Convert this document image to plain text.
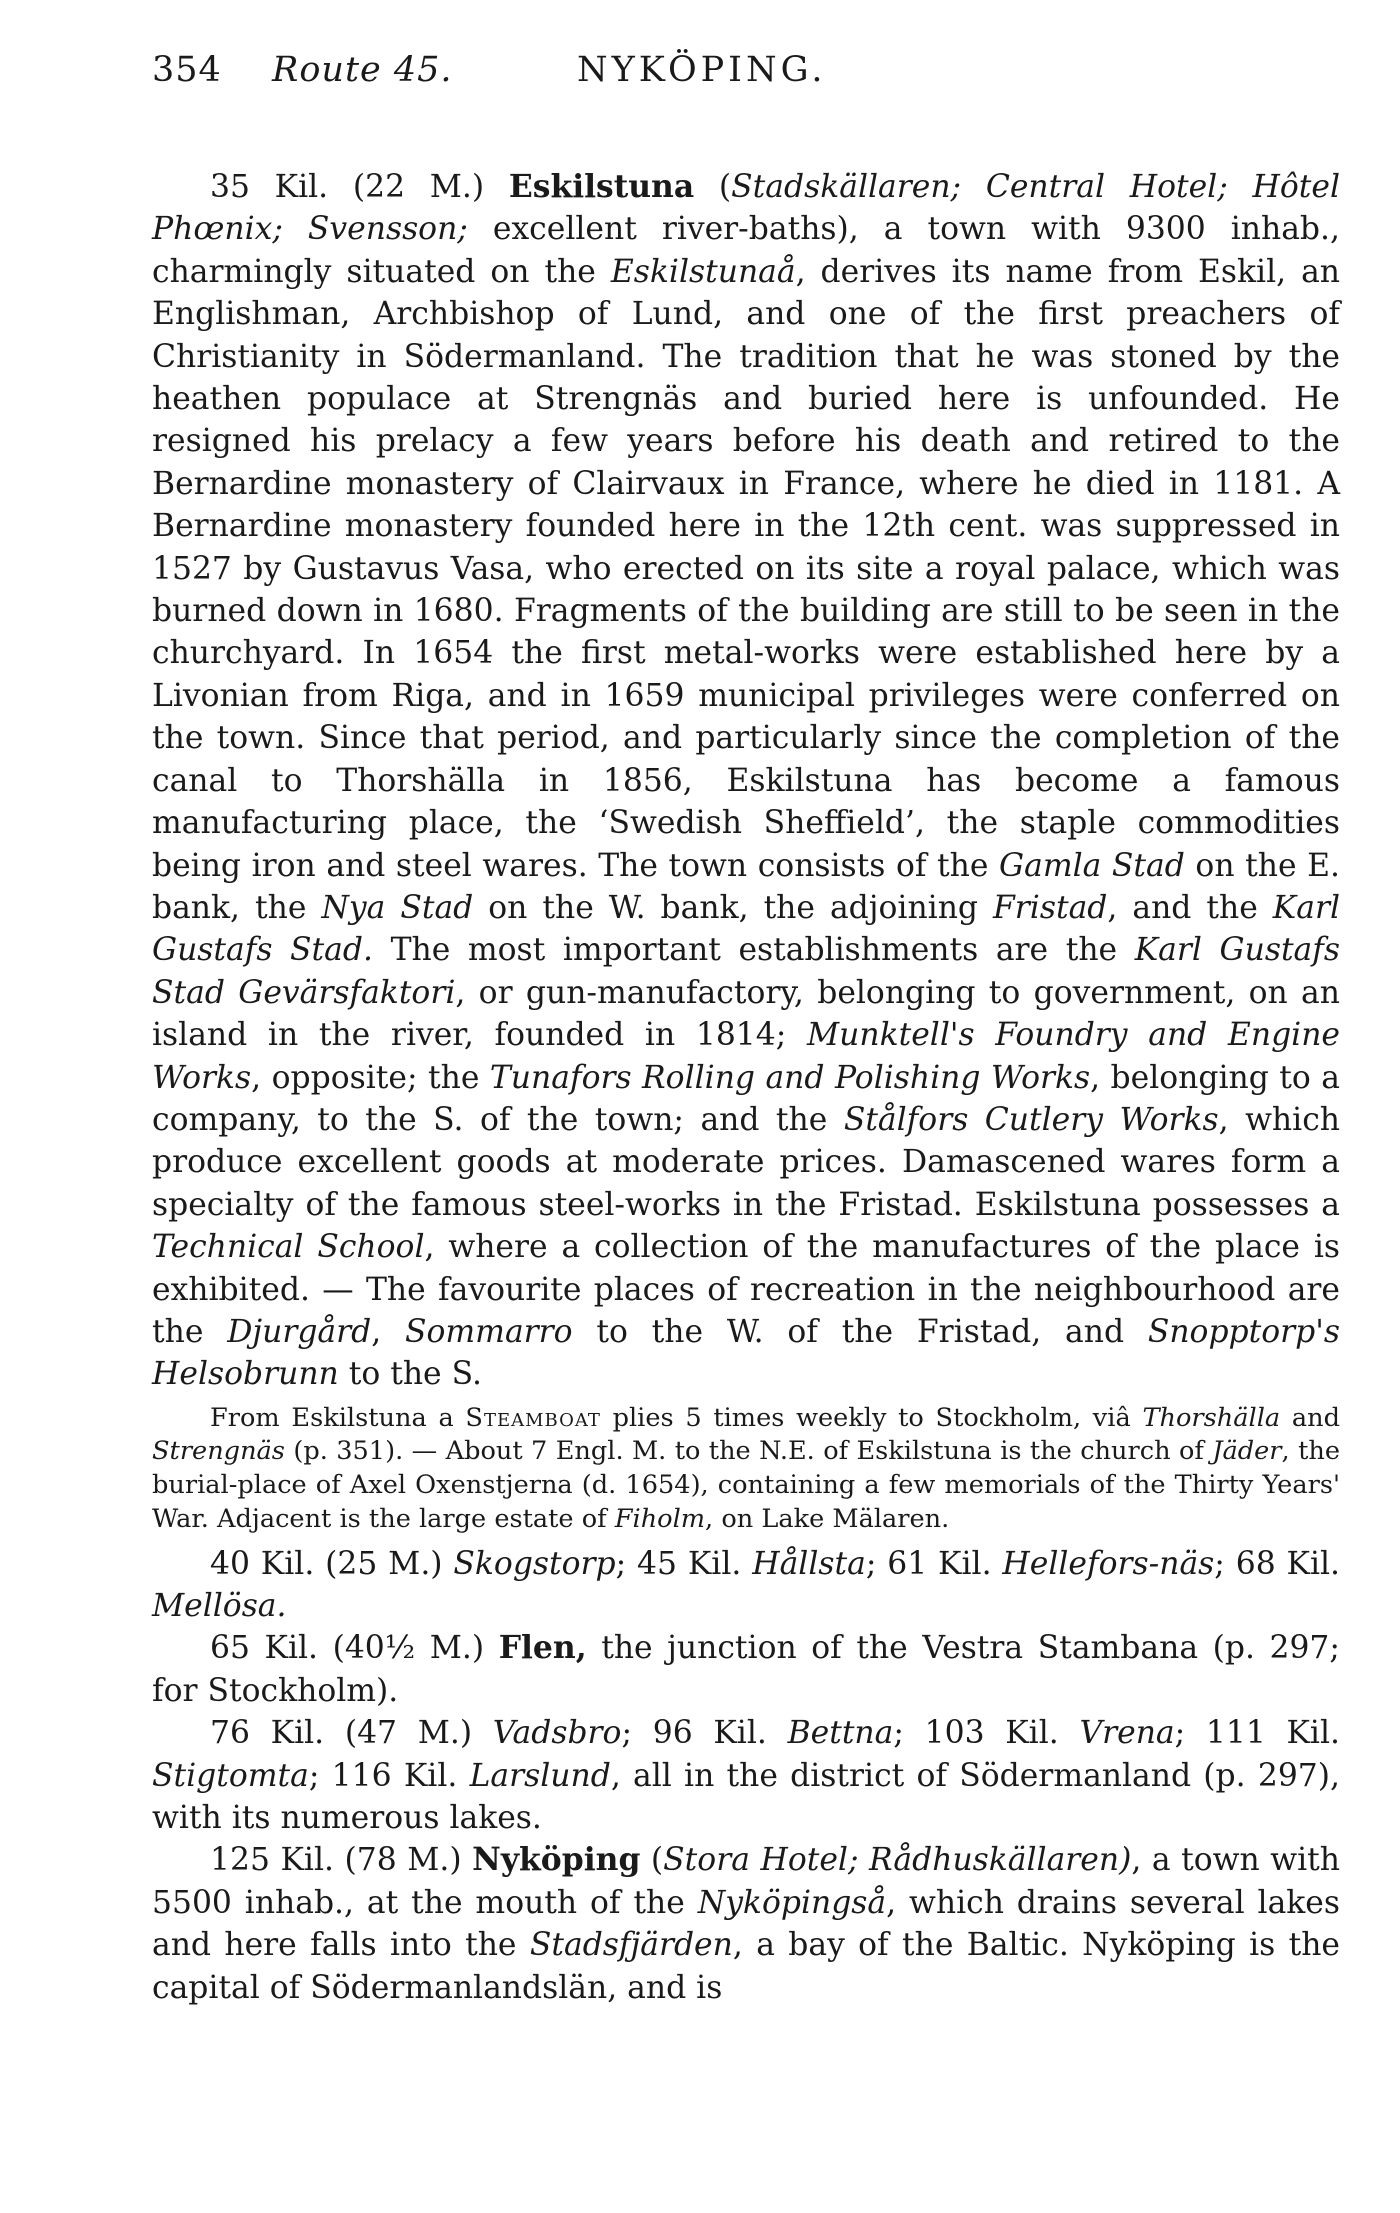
354	Route 45.	NYKÖPING.

35 Kil. (22 M.) Eskilstuna (Stadskällaren; Central Hotel; Hôtel Phœnix; Svensson; excellent river-baths), a town with 9300 inhab., charmingly situated on the Eskilstunaå, derives its name from Eskil, an Englishman, Archbishop of Lund, and one of the first preachers of Christianity in Södermanland. The tradition that he was stoned by the heathen populace at Strengnäs and buried here is unfounded. He resigned his prelacy a few years before his death and retired to the Bernardine monastery of Clairvaux in France, where he died in 1181. A Bernardine monastery founded here in the 12th cent. was suppressed in 1527 by Gustavus Vasa, who erected on its site a royal palace, which was burned down in 1680. Fragments of the building are still to be seen in the churchyard. In 1654 the first metal-works were established here by a Livonian from Riga, and in 1659 municipal privileges were conferred on the town. Since that period, and particularly since the completion of the canal to Thorshälla in 1856, Eskilstuna has become a famous manufacturing place, the ‘Swedish Sheffield’, the staple commodities being iron and steel wares. The town consists of the Gamla Stad on the E. bank, the Nya Stad on the W. bank, the adjoining Fristad, and the Karl Gustafs Stad. The most important establishments are the Karl Gustafs Stad Gevärsfaktori, or gun-manufactory, belonging to government, on an island in the river, founded in 1814; Munktell's Foundry and Engine Works, opposite; the Tunafors Rolling and Polishing Works, belonging to a company, to the S. of the town; and the Stålfors Cutlery Works, which produce excellent goods at moderate prices. Damascened wares form a specialty of the famous steel-works in the Fristad. Eskilstuna possesses a Technical School, where a collection of the manufactures of the place is exhibited. — The favourite places of recreation in the neighbourhood are the Djurgård, Sommarro to the W. of the Fristad, and Snopptorp's Helsobrunn to the S.

From Eskilstuna a Steamboat plies 5 times weekly to Stockholm, viâ Thorshälla and Strengnäs (p. 351). — About 7 Engl. M. to the N.E. of Eskilstuna is the church of Jäder, the burial-place of Axel Oxenstjerna (d. 1654), containing a few memorials of the Thirty Years' War. Adjacent is the large estate of Fiholm, on Lake Mälaren.

40 Kil. (25 M.) Skogstorp; 45 Kil. Hållsta; 61 Kil. Hellefors-näs; 68 Kil. Mellösa.

65 Kil. (40½ M.) Flen, the junction of the Vestra Stambana (p. 297; for Stockholm).

76 Kil. (47 M.) Vadsbro; 96 Kil. Bettna; 103 Kil. Vrena; 111 Kil. Stigtomta; 116 Kil. Larslund, all in the district of Södermanland (p. 297), with its numerous lakes.

125 Kil. (78 M.) Nyköping (Stora Hotel; Rådhuskällaren), a town with 5500 inhab., at the mouth of the Nyköpingså, which drains several lakes and here falls into the Stadsfjärden, a bay of the Baltic. Nyköping is the capital of Södermanlandslän, and is
